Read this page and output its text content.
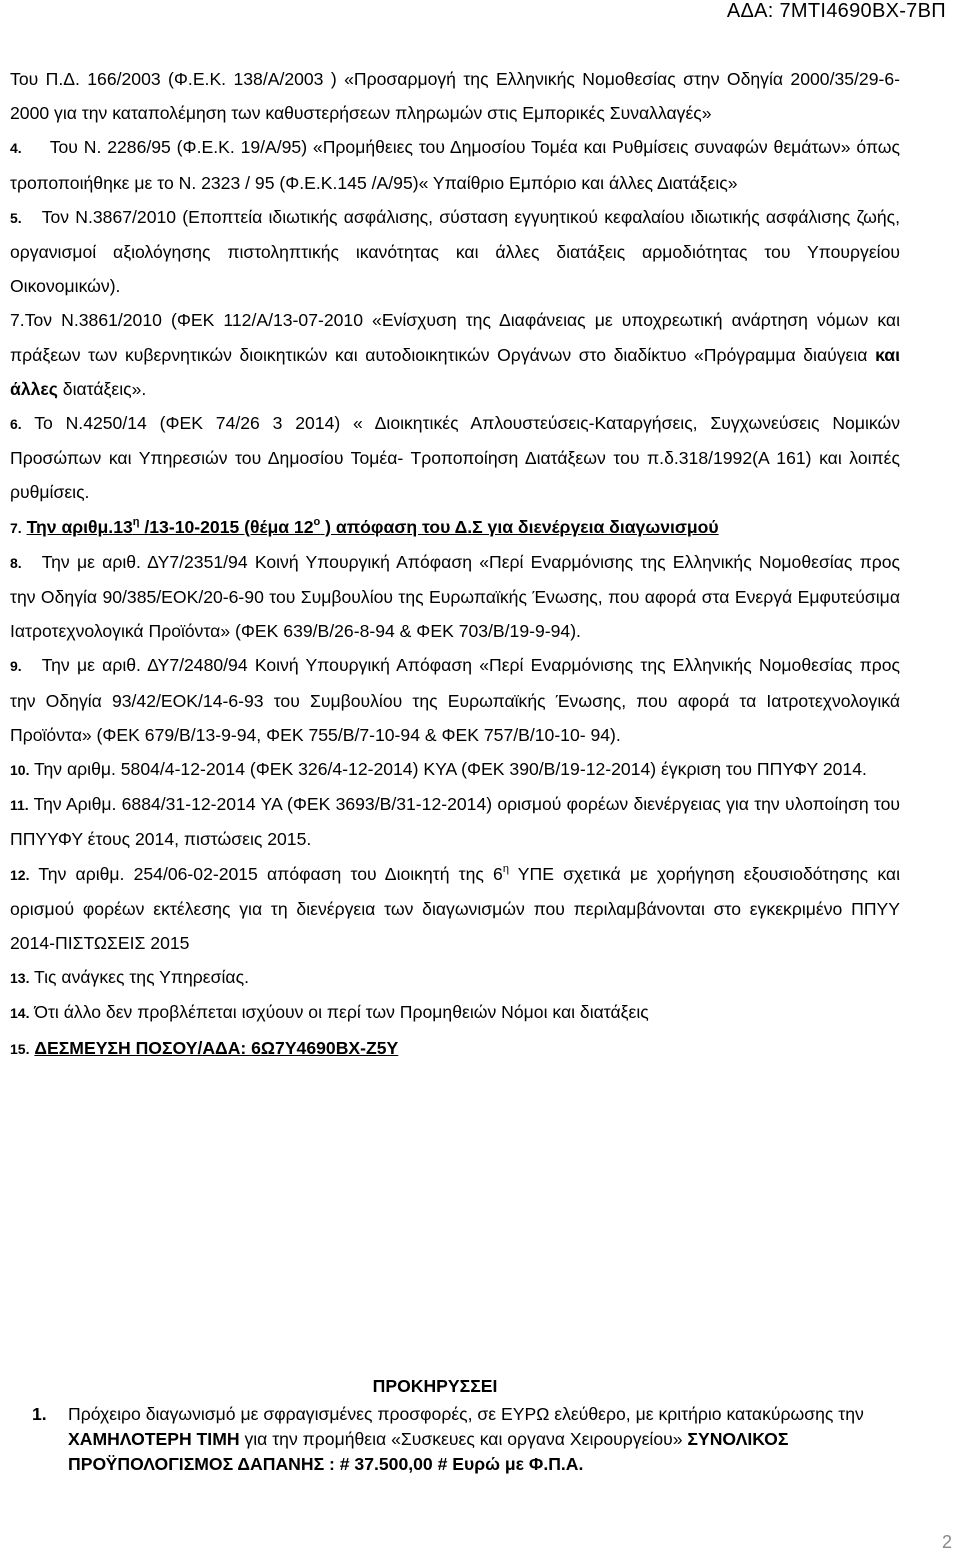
ΑΔΑ: 7ΜΤΙ4690ΒΧ-7ΒΠ

Του Π.Δ. 166/2003 (Φ.Ε.Κ. 138/Α/2003 ) «Προσαρμογή της Ελληνικής Νομοθεσίας στην Οδηγία 2000/35/29-6-2000 για την καταπολέμηση των καθυστερήσεων πληρωμών στις Εμπορικές Συναλλαγές»

4. Του Ν. 2286/95 (Φ.Ε.Κ. 19/Α/95) «Προμήθειες του Δημοσίου Τομέα και Ρυθμίσεις συναφών θεμάτων» όπως τροποποιήθηκε με το Ν. 2323 / 95 (Φ.Ε.Κ.145 /Α/95)« Υπαίθριο Εμπόριο και άλλες Διατάξεις»

5. Τον Ν.3867/2010 (Εποπτεία ιδιωτικής ασφάλισης, σύσταση εγγυητικού κεφαλαίου ιδιωτικής ασφάλισης ζωής, οργανισμοί αξιολόγησης πιστοληπτικής ικανότητας και άλλες διατάξεις αρμοδιότητας του Υπουργείου Οικονομικών).

7.Τον Ν.3861/2010 (ΦΕΚ 112/Α/13-07-2010 «Ενίσχυση της Διαφάνειας με υποχρεωτική ανάρτηση νόμων και πράξεων των κυβερνητικών διοικητικών και αυτοδιοικητικών Οργάνων στο διαδίκτυο «Πρόγραμμα διαύγεια και άλλες διατάξεις».

6. Το Ν.4250/14 (ΦΕΚ 74/26 3 2014) « Διοικητικές Απλουστεύσεις-Καταργήσεις, Συγχωνεύσεις Νομικών Προσώπων και Υπηρεσιών του Δημοσίου Τομέα- Τροποποίηση Διατάξεων του π.δ.318/1992(Α 161) και λοιπές ρυθμίσεις.

7. Την $\alpha\rho\iota\theta\mu.13^\eta$ /13-10-2015 (θέμα $12^o$ ) απόφαση του Δ.Σ για διενέργεια διαγωνισμού

8. Την με αριθ. ΔΥ7/2351/94 Κοινή Υπουργική Απόφαση «Περί Εναρμόνισης της Ελληνικής Νομοθεσίας προς την Οδηγία 90/385/ΕΟΚ/20-6-90 του Συμβουλίου της Ευρωπαϊκής Ένωσης, που αφορά στα Ενεργά Εμφυτεύσιμα Ιατροτεχνολογικά Προϊόντα» (ΦΕΚ 639/Β/26-8-94 & ΦΕΚ 703/Β/19-9-94).

9. Την με αριθ. ΔΥ7/2480/94 Κοινή Υπουργική Απόφαση «Περί Εναρμόνισης της Ελληνικής Νομοθεσίας προς την Οδηγία 93/42/ΕΟΚ/14-6-93 του Συμβουλίου της Ευρωπαϊκής Ένωσης, που αφορά τα Ιατροτεχνολογικά Προϊόντα» (ΦΕΚ 679/Β/13-9-94, ΦΕΚ 755/Β/7-10-94 & ΦΕΚ 757/Β/10-10- 94).

10. Την αριθμ. 5804/4-12-2014 (ΦΕΚ 326/4-12-2014) ΚΥΑ (ΦΕΚ 390/Β/19-12-2014) έγκριση του ΠΠΥΦΥ 2014.

11. Την Αριθμ. 6884/31-12-2014 ΥΑ (ΦΕΚ 3693/Β/31-12-2014) ορισμού φορέων διενέργειας για την υλοποίηση του ΠΠΥΥΦΥ έτους 2014, πιστώσεις 2015.

12. Την αριθμ. 254/06-02-2015 απόφαση του Διοικητή της $6^\eta$ ΥΠΕ σχετικά με χορήγηση εξουσιοδότησης και ορισμού φορέων εκτέλεσης για τη διενέργεια των διαγωνισμών που περιλαμβάνονται στο εγκεκριμένο ΠΠΥΥ 2014-ΠΙΣΤΩΣΕΙΣ 2015

13. Τις ανάγκες της Υπηρεσίας.

14. Ότι άλλο δεν προβλέπεται ισχύουν οι περί των Προμηθειών Νόμοι και διατάξεις

15. ΔΕΣΜΕΥΣΗ ΠΟΣΟΥ/ΑΔΑ: 6Ω7Υ4690ΒΧ-Ζ5Υ

ΠΡΟΚΗΡΥΣΣΕΙ
1. Πρόχειρο διαγωνισμό με σφραγισμένες προσφορές, σε ΕΥΡΩ ελεύθερο, με κριτήριο κατακύρωσης την ΧΑΜΗΛΟΤΕΡΗ ΤΙΜΗ για την προμήθεια «Συσκευες και οργανα Χειρουργείου» ΣΥΝΟΛΙΚΟΣ ΠΡΟΫΠΟΛΟΓΙΣΜΟΣ ΔΑΠΑΝΗΣ : # 37.500,00 # Ευρώ με Φ.Π.Α.
2
